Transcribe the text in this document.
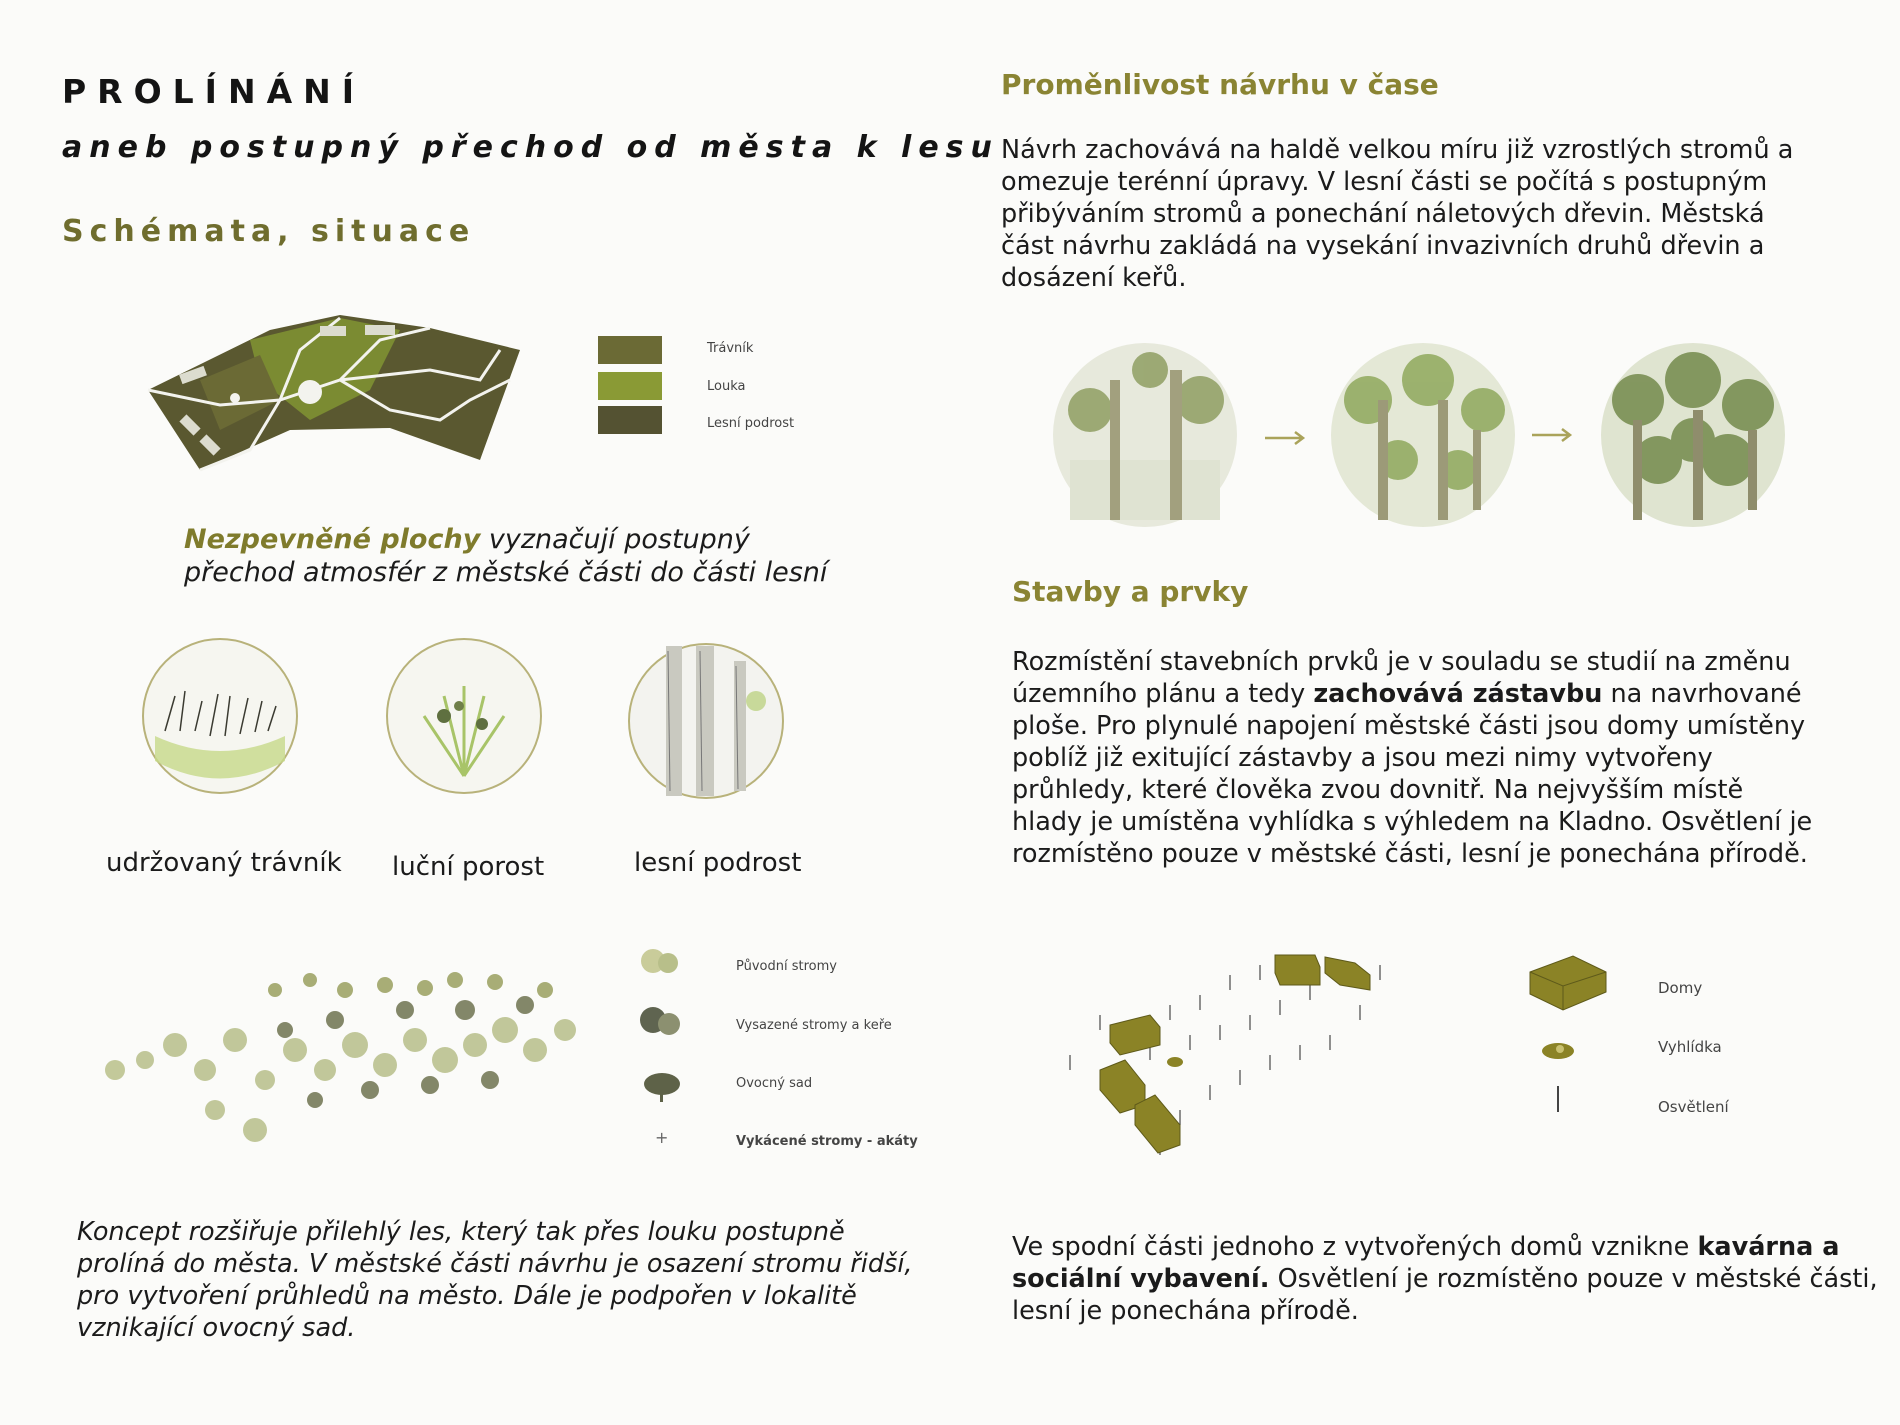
PROLÍNÁNÍ
aneb postupný přechod od města k lesu
Schémata, situace
Trávník
Louka
Lesní podrost
Nezpevněné plochy vyznačují postupný
přechod atmosfér z městské části do části lesní
udržovaný trávník luční porost	lesní podrost
Původní stromy
Vysazené stromy a keře
Ovocný sad
+	Vykácené stromy - akáty
Koncept rozšiřuje přilehlý les, který tak přes louku postupně
prolíná do města. V městské části návrhu je osazení stromu řidší,
pro vytvoření průhledů na město. Dále je podpořen v lokalitě
vznikající ovocný sad.
Proměnlivost návrhu v čase
Návrh zachovává na haldě velkou míru již vzrostlých stromů a
omezuje terénní úpravy. V lesní části se počítá s postupným
přibýváním stromů a ponechání náletových dřevin. Městská
část návrhu zakládá na vysekání invazivních druhů dřevin a
dosázení keřů.
Stavby a prvky
Rozmístění stavebních prvků je v souladu se studií na změnu
územního plánu a tedy zachovává zástavbu na navrhované
ploše. Pro plynulé napojení městské části jsou domy umístěny
poblíž již exitující zástavby a jsou mezi nimy vytvořeny
průhledy, které člověka zvou dovnitř. Na nejvyšším místě
hlady je umístěna vyhlídka s výhledem na Kladno. Osvětlení je
rozmístěno pouze v městské části, lesní je ponechána přírodě.
Domy
Vyhlídka
Osvětlení
Ve spodní části jednoho z vytvořených domů vznikne kavárna a
sociální vybavení. Osvětlení je rozmístěno pouze v městské části,
lesní je ponechána přírodě.
